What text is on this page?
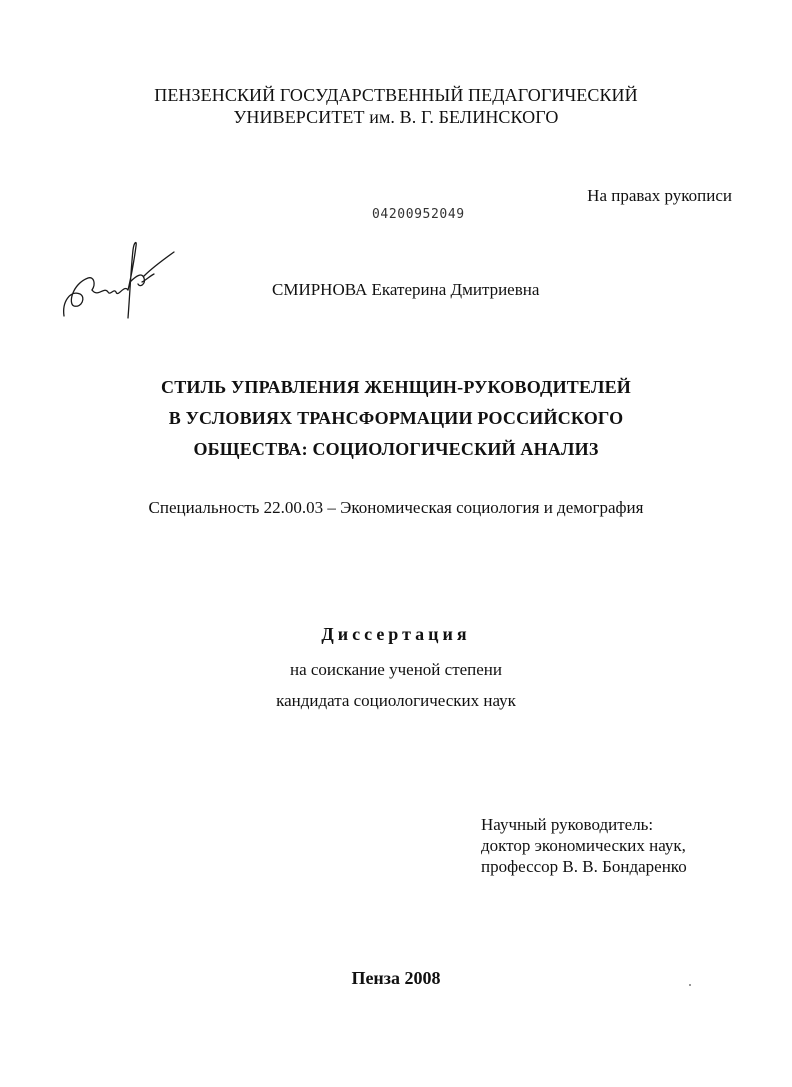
ПЕНЗЕНСКИЙ ГОСУДАРСТВЕННЫЙ ПЕДАГОГИЧЕСКИЙ
УНИВЕРСИТЕТ им. В. Г. БЕЛИНСКОГО
На правах рукописи
04200952049
СМИРНОВА Екатерина Дмитриевна
СТИЛЬ УПРАВЛЕНИЯ ЖЕНЩИН-РУКОВОДИТЕЛЕЙ
В УСЛОВИЯХ ТРАНСФОРМАЦИИ РОССИЙСКОГО
ОБЩЕСТВА: СОЦИОЛОГИЧЕСКИЙ АНАЛИЗ
Специальность 22.00.03 – Экономическая социология и демография
Диссертация
на соискание ученой степени
кандидата социологических наук
Научный руководитель:
доктор экономических наук,
профессор В. В. Бондаренко
Пенза 2008
